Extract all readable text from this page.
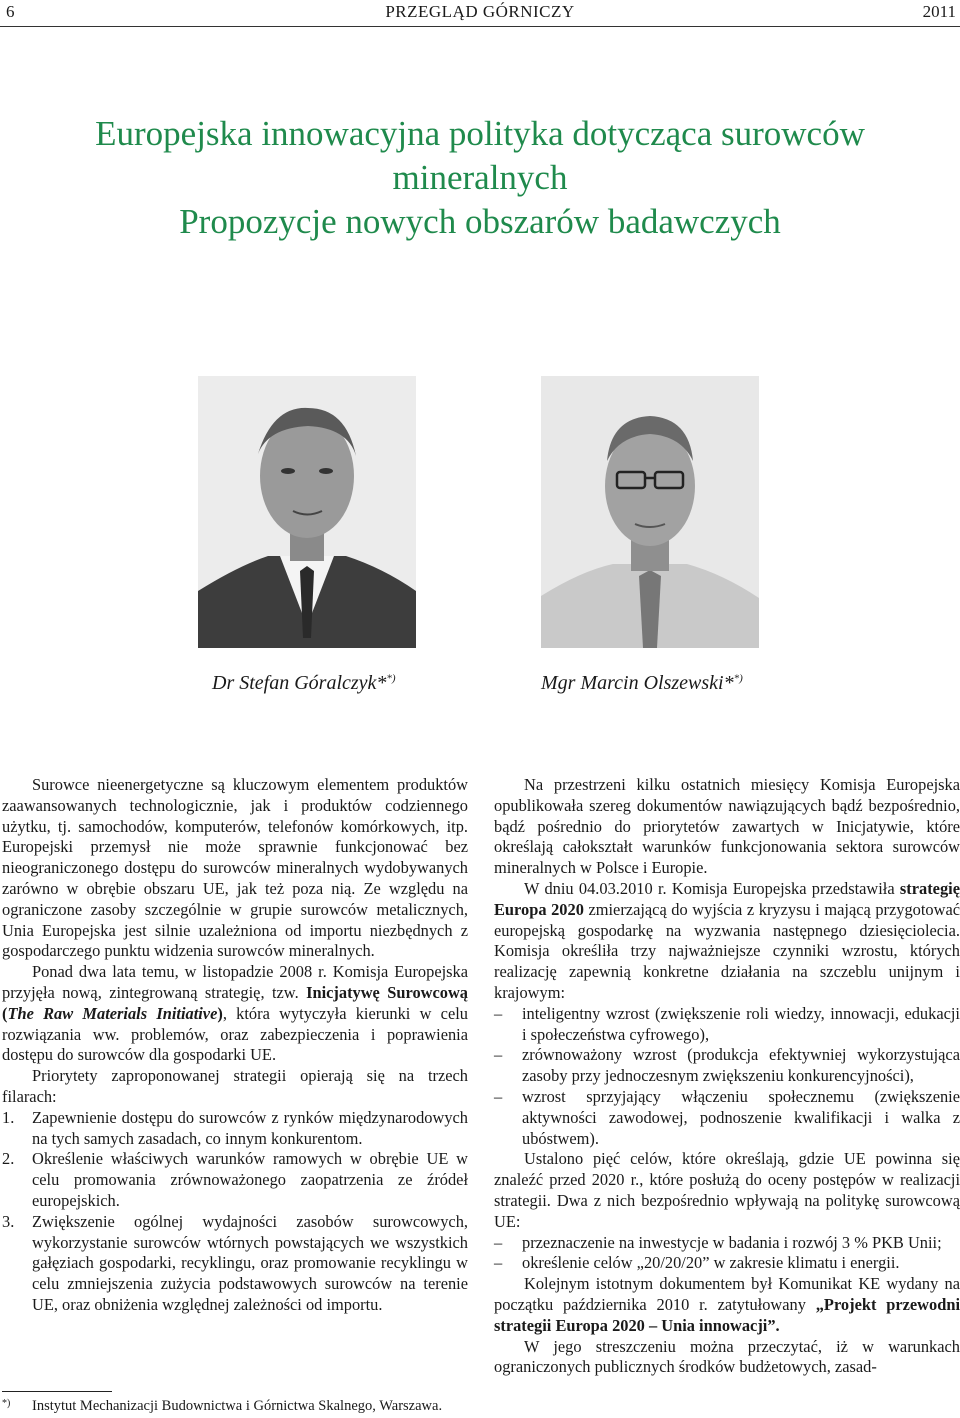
6	PRZEGLĄD GÓRNICZY	2011
Europejska innowacyjna polityka dotycząca surowców
mineralnych
Propozycje nowych obszarów badawczych
Dr Stefan Góralczyk**)	Mgr Marcin Olszewski**)

Surowce nieenergetyczne są kluczowym elementem produktów zaawansowanych technologicznie, jak i produktów codziennego użytku, tj. samochodów, komputerów, telefonów komórkowych, itp. Europejski przemysł nie może sprawnie funkcjonować bez nieograniczonego dostępu do surowców mineralnych wydobywanych zarówno w obrębie obszaru UE, jak też poza nią. Ze względu na ograniczone zasoby szczególnie w grupie surowców metalicznych, Unia Europejska jest silnie uzależniona od importu niezbędnych z gospodarczego punktu widzenia surowców mineralnych.

Ponad dwa lata temu, w listopadzie 2008 r. Komisja Europejska przyjęła nową, zintegrowaną strategię, tzw. Inicjatywę Surowcową (The Raw Materials Initiative), która wytyczyła kierunki w celu rozwiązania ww. problemów, oraz zabezpieczenia i poprawienia dostępu do surowców dla gospodarki UE.

Priorytety zaproponowanej strategii opierają się na trzech filarach:

1.	Zapewnienie dostępu do surowców z rynków międzynarodowych na tych samych zasadach, co innym konkurentom.
2.	Określenie właściwych warunków ramowych w obrębie UE w celu promowania zrównoważonego zaopatrzenia ze źródeł europejskich.
3.	Zwiększenie ogólnej wydajności zasobów surowcowych, wykorzystanie surowców wtórnych powstających we wszystkich gałęziach gospodarki, recyklingu, oraz promowanie recyklingu w celu zmniejszenia zużycia podstawowych surowców na terenie UE, oraz obniżenia względnej zależności od importu.

Na przestrzeni kilku ostatnich miesięcy Komisja Europejska opublikowała szereg dokumentów nawiązujących bądź bezpośrednio, bądź pośrednio do priorytetów zawartych w Inicjatywie, które określają całokształt warunków funkcjonowania sektora surowców mineralnych w Polsce i Europie.

W dniu 04.03.2010 r. Komisja Europejska przedstawiła strategię Europa 2020 zmierzającą do wyjścia z kryzysu i mającą przygotować europejską gospodarkę na wyzwania następnego dziesięciolecia. Komisja określiła trzy najważniejsze czynniki wzrostu, których realizację zapewnią konkretne działania na szczeblu unijnym i krajowym:

–	inteligentny wzrost (zwiększenie roli wiedzy, innowacji, edukacji i społeczeństwa cyfrowego),
–	zrównoważony wzrost (produkcja efektywniej wykorzystująca zasoby przy jednoczesnym zwiększeniu konkurencyjności),
–	wzrost sprzyjający włączeniu społecznemu (zwiększenie aktywności zawodowej, podnoszenie kwalifikacji i walka z ubóstwem).

Ustalono pięć celów, które określają, gdzie UE powinna się znaleźć przed 2020 r., które posłużą do oceny postępów w realizacji strategii. Dwa z nich bezpośrednio wpływają na politykę surowcową UE:

–	przeznaczenie na inwestycje w badania i rozwój 3 % PKB Unii;
–	określenie celów „20/20/20” w zakresie klimatu i energii.

Kolejnym istotnym dokumentem był Komunikat KE wydany na początku października 2010 r. zatytułowany „Projekt przewodni strategii Europa 2020 – Unia innowacji”.

W jego streszczeniu można przeczytać, iż w warunkach ograniczonych publicznych środków budżetowych, zasad-

*) Instytut Mechanizacji Budownictwa i Górnictwa Skalnego, Warszawa.
